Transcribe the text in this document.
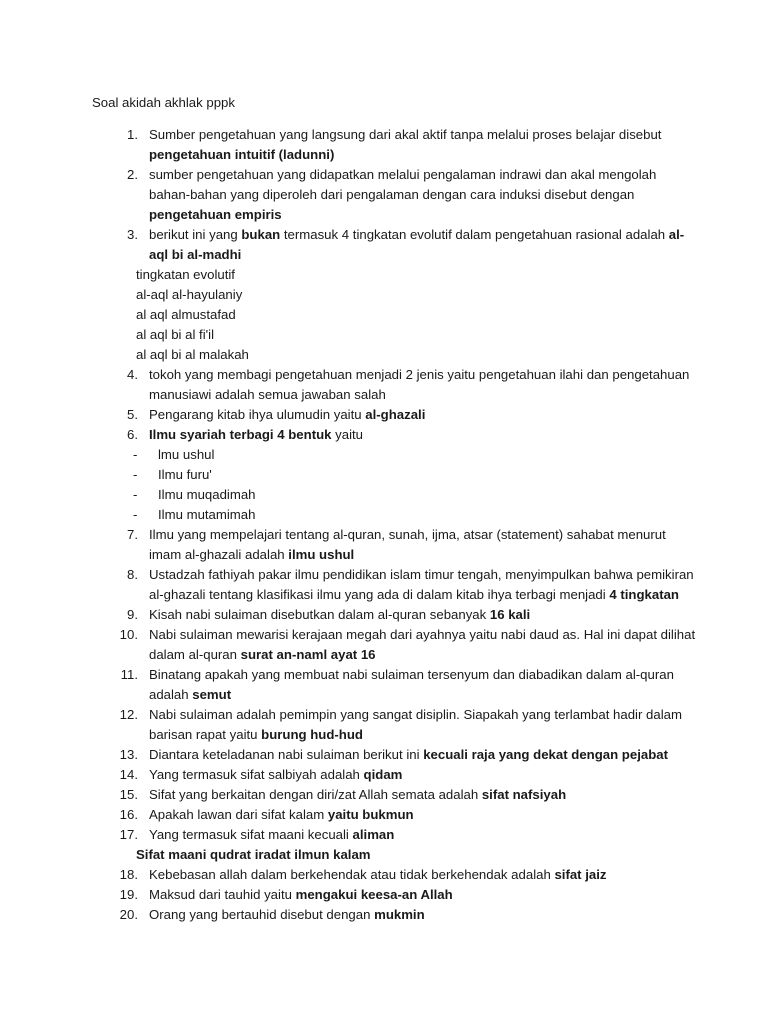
Soal akidah akhlak pppk
1. Sumber pengetahuan yang langsung dari akal aktif tanpa melalui proses belajar disebut
pengetahuan intuitif (ladunni)
2. sumber pengetahuan yang didapatkan melalui pengalaman indrawi dan akal mengolah
bahan-bahan yang diperoleh dari pengalaman dengan cara induksi disebut dengan
pengetahuan empiris
3. berikut ini yang bukan termasuk 4 tingkatan evolutif dalam pengetahuan rasional adalah al-
aql bi al-madhi
tingkatan evolutif
al-aql al-hayulaniy
al aql almustafad
al aql bi al fi'il
al aql bi al malakah
4. tokoh yang membagi pengetahuan menjadi 2 jenis yaitu pengetahuan ilahi dan pengetahuan
manusiawi adalah semua jawaban salah
5. Pengarang kitab ihya ulumudin yaitu al-ghazali
6. Ilmu syariah terbagi 4 bentuk yaitu
- lmu ushul
- Ilmu furu'
- Ilmu muqadimah
- Ilmu mutamimah
7. Ilmu yang mempelajari tentang al-quran, sunah, ijma, atsar (statement) sahabat menurut
imam al-ghazali adalah ilmu ushul
8. Ustadzah fathiyah pakar ilmu pendidikan islam timur tengah, menyimpulkan bahwa pemikiran
al-ghazali tentang klasifikasi ilmu yang ada di dalam kitab ihya terbagi menjadi 4 tingkatan
9. Kisah nabi sulaiman disebutkan dalam al-quran sebanyak 16 kali
10. Nabi sulaiman mewarisi kerajaan megah dari ayahnya yaitu nabi daud as. Hal ini dapat dilihat
dalam al-quran surat an-naml ayat 16
11. Binatang apakah yang membuat nabi sulaiman tersenyum dan diabadikan dalam al-quran
adalah semut
12. Nabi sulaiman adalah pemimpin yang sangat disiplin. Siapakah yang terlambat hadir dalam
barisan rapat yaitu burung hud-hud
13. Diantara keteladanan nabi sulaiman berikut ini kecuali raja yang dekat dengan pejabat
14. Yang termasuk sifat salbiyah adalah qidam
15. Sifat yang berkaitan dengan diri/zat Allah semata adalah sifat nafsiyah
16. Apakah lawan dari sifat kalam yaitu bukmun
17. Yang termasuk sifat maani kecuali aliman
Sifat maani qudrat iradat ilmun kalam
18. Kebebasan allah dalam berkehendak atau tidak berkehendak adalah sifat jaiz
19. Maksud dari tauhid yaitu mengakui keesa-an Allah
20. Orang yang bertauhid disebut dengan mukmin
